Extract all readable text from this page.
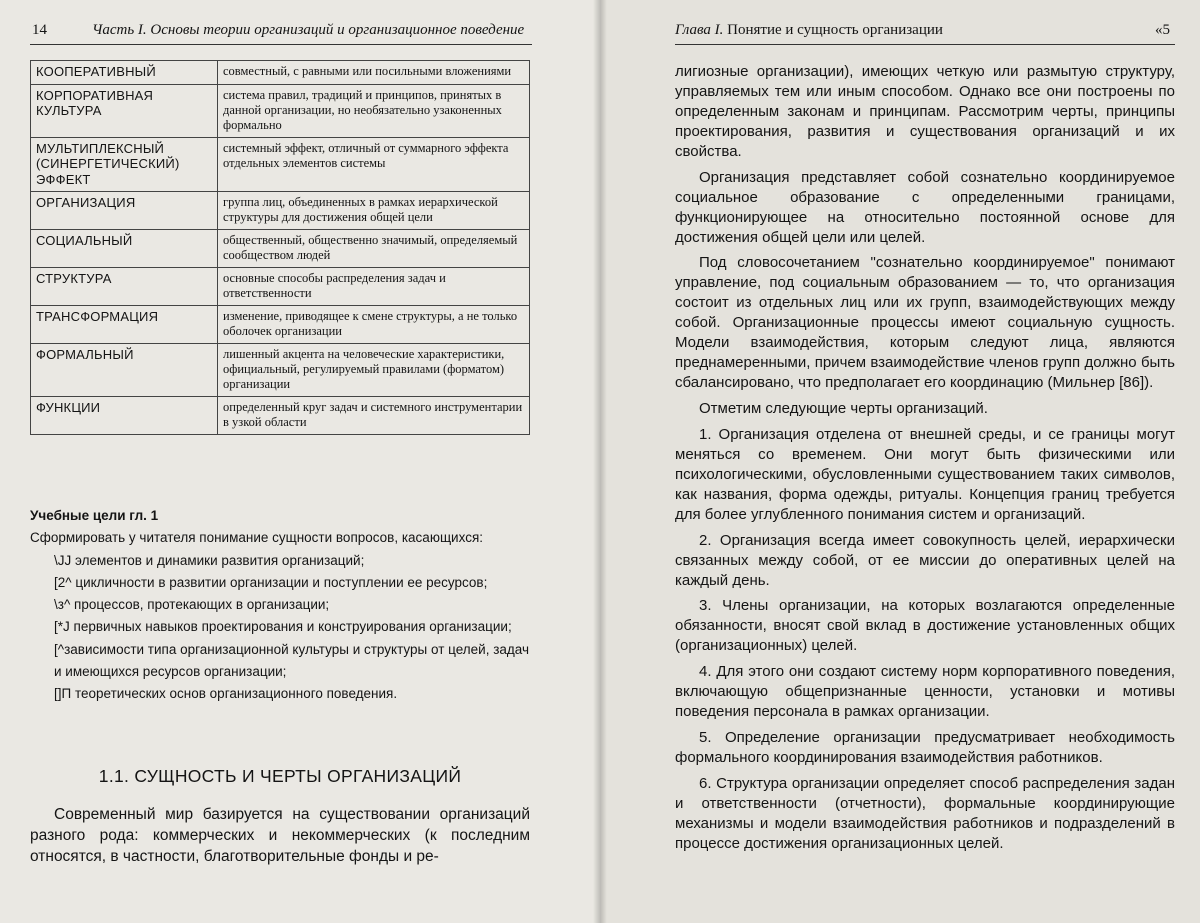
14	Часть I. Основы теории организаций и организационное поведение
КООПЕРАТИВНЫЙ	совместный, с равными или посильными вложениями
КОРПОРАТИВНАЯ КУЛЬТУРА	система правил, традиций и принципов, принятых в данной организации, но необязательно узаконенных формально
МУЛЬТИПЛЕКСНЫЙ (СИНЕРГЕТИЧЕСКИЙ) ЭФФЕКТ	системный эффект, отличный от суммарного эффекта отдельных элементов системы
ОРГАНИЗАЦИЯ	группа лиц, объединенных в рамках иерархической структуры для достижения общей цели
СОЦИАЛЬНЫЙ	общественный, общественно значимый, определяемый сообществом людей
СТРУКТУРА	основные способы распределения задач и ответственности
ТРАНСФОРМАЦИЯ	изменение, приводящее к смене структуры, а не только оболочек организации
ФОРМАЛЬНЫЙ	лишенный акцента на человеческие характеристики, официальный, регулируемый правилами (форматом) организации
ФУНКЦИИ	определенный круг задач и системного инструментарии в узкой области
Учебные цели гл. 1
Сформировать у читателя понимание сущности вопросов, касающихся:
\JJ элементов и динамики развития организаций;
[2^ цикличности в развитии организации и поступлении ее ресурсов;
\з^ процессов, протекающих в организации;
[*J первичных навыков проектирования и конструирования организации;
[^зависимости типа организационной культуры и структуры от целей, задач и имеющихся ресурсов организации;
[]П теоретических основ организационного поведения.
1.1. СУЩНОСТЬ И ЧЕРТЫ ОРГАНИЗАЦИЙ
Современный мир базируется на существовании организаций разного рода: коммерческих и некоммерческих (к последним относятся, в частности, благотворительные фонды и ре-
Глава I. Понятие и сущность организации	«5

лигиозные организации), имеющих четкую или размытую структуру, управляемых тем или иным способом. Однако все они построены по определенным законам и принципам. Рассмотрим черты, принципы проектирования, развития и существования организаций и их свойства.

Организация представляет собой сознательно координируемое социальное образование с определенными границами, функционирующее на относительно постоянной основе для достижения общей цели или целей.

Под словосочетанием "сознательно координируемое" понимают управление, под социальным образованием — то, что организация состоит из отдельных лиц или их групп, взаимодействующих между собой. Организационные процессы имеют социальную сущность. Модели взаимодействия, которым следуют лица, являются преднамеренными, причем взаимодействие членов групп должно быть сбалансировано, что предполагает его координацию (Мильнер [86]).

Отметим следующие черты организаций.

1. Организация отделена от внешней среды, и се границы могут меняться со временем. Они могут быть физическими или психологическими, обусловленными существованием таких символов, как названия, форма одежды, ритуалы. Концепция границ требуется для более углубленного понимания систем и организаций.

2. Организация всегда имеет совокупность целей, иерархически связанных между собой, от ее миссии до оперативных целей на каждый день.

3. Члены организации, на которых возлагаются определенные обязанности, вносят свой вклад в достижение установленных общих (организационных) целей.

4. Для этого они создают систему норм корпоративного поведения, включающую общепризнанные ценности, установки и мотивы поведения персонала в рамках организации.

5. Определение организации предусматривает необходимость формального координирования взаимодействия работников.

6. Структура организации определяет способ распределения задан и ответственности (отчетности), формальные координирующие механизмы и модели взаимодействия работников и подразделений в процессе достижения организационных целей.
